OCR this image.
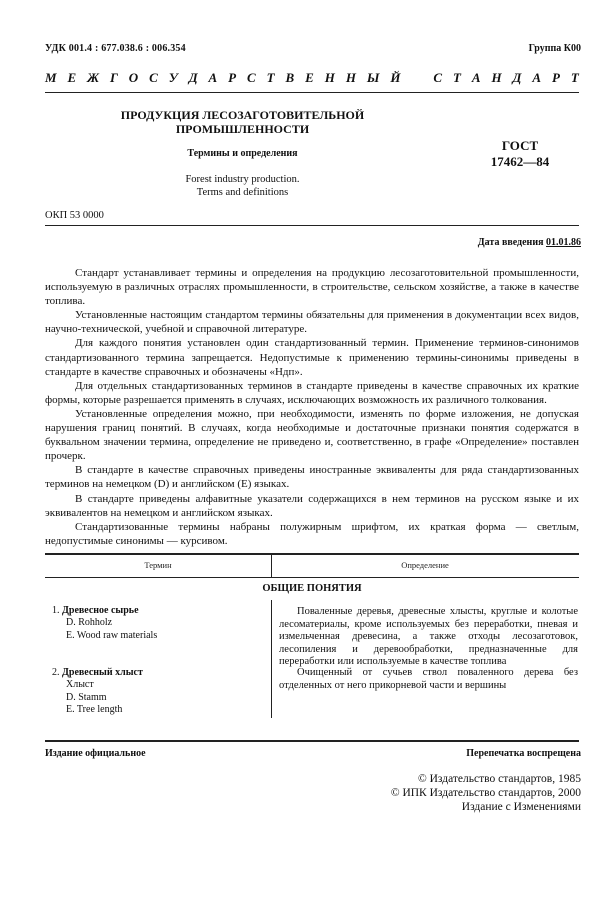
УДК 001.4 : 677.038.6 : 006.354	Группа К00
М Е Ж Г О С У Д А Р С Т В Е Н Н Ы Й	С Т А Н Д А Р Т
ПРОДУКЦИЯ ЛЕСОЗАГОТОВИТЕЛЬНОЙ
ПРОМЫШЛЕННОСТИ
Термины и определения
Forest industry production.
Terms and definitions
ГОСТ
17462—84
ОКП 53 0000
Дата введения 01.01.86

Стандарт устанавливает термины и определения на продукцию лесозаготовительной промышленности, используемую в различных отраслях промышленности, в строительстве, сельском хозяйстве, а также в качестве топлива.

Установленные настоящим стандартом термины обязательны для применения в документации всех видов, научно-технической, учебной и справочной литературе.

Для каждого понятия установлен один стандартизованный термин. Применение терминов-синонимов стандартизованного термина запрещается. Недопустимые к применению термины-синонимы приведены в стандарте в качестве справочных и обозначены «Ндп».

Для отдельных стандартизованных терминов в стандарте приведены в качестве справочных их краткие формы, которые разрешается применять в случаях, исключающих возможность их различного толкования.

Установленные определения можно, при необходимости, изменять по форме изложения, не допуская нарушения границ понятий. В случаях, когда необходимые и достаточные признаки понятия содержатся в буквальном значении термина, определение не приведено и, соответственно, в графе «Определение» поставлен прочерк.

В стандарте в качестве справочных приведены иностранные эквиваленты для ряда стандартизованных терминов на немецком (D) и английском (E) языках.

В стандарте приведены алфавитные указатели содержащихся в нем терминов на русском языке и их эквивалентов на немецком и английском языках.

Стандартизованные термины набраны полужирным шрифтом, их краткая форма — светлым, недопустимые синонимы — курсивом.

Термин	Определение
ОБЩИЕ ПОНЯТИЯ
1. Древесное сырье
D. Rohholz
E. Wood raw materials

Поваленные деревья, древесные хлысты, круглые и колотые лесоматериалы, кроме используемых без переработки, пневая и измельченная древесина, а также отходы лесозаготовок, лесопиления и деревообработки, предназначенные для переработки или используемые в качестве топлива

2. Древесный хлыст
Хлыст
D. Stamm
E. Tree length

Очищенный от сучьев ствол поваленного дерева без отделенных от него прикорневой части и вершины

Издание официальное	Перепечатка воспрещена
© Издательство стандартов, 1985
© ИПК Издательство стандартов, 2000
Издание с Изменениями
